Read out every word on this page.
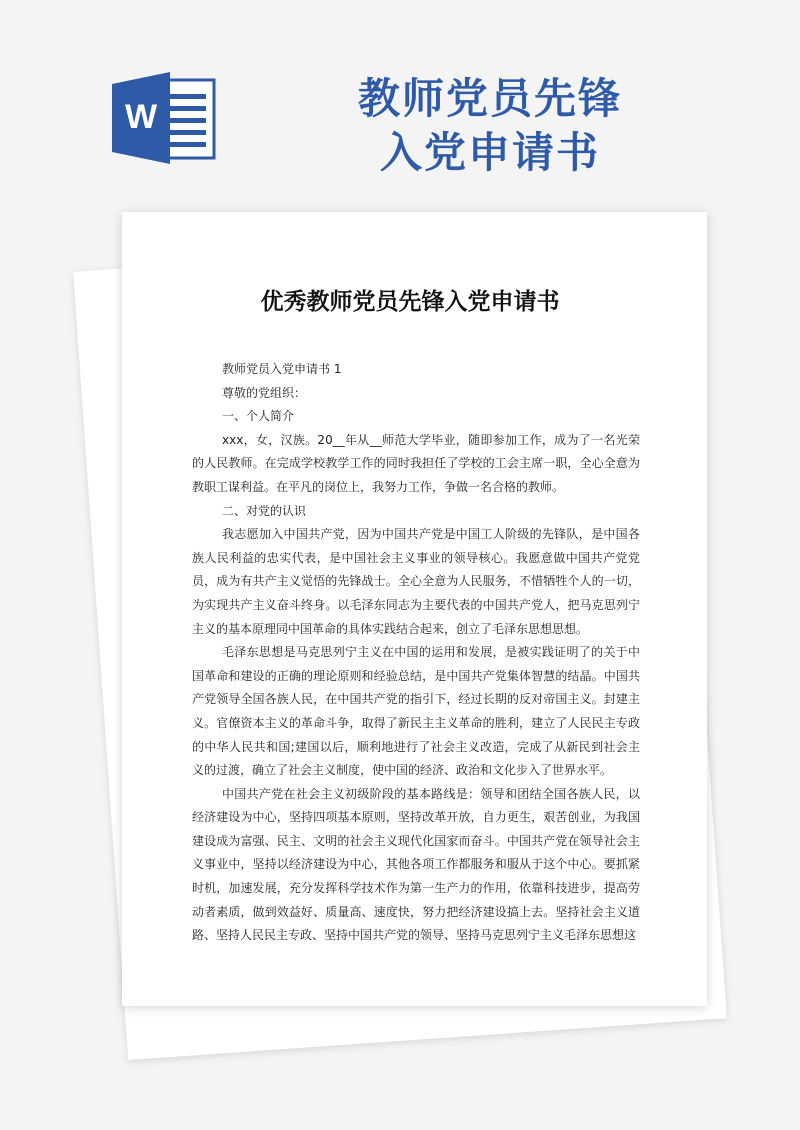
W	教师党员先锋
入党申请书
优秀教师党员先锋入党申请书

教师党员入党申请书 1

尊敬的党组织：

一、个人简介

xxx，女，汉族。20__年从__师范大学毕业，随即参加工作，成为了一名光荣的人民教师。在完成学校教学工作的同时我担任了学校的工会主席一职，全心全意为教职工谋利益。在平凡的岗位上，我努力工作，争做一名合格的教师。

二、对党的认识

我志愿加入中国共产党，因为中国共产党是中国工人阶级的先锋队，是中国各族人民利益的忠实代表，是中国社会主义事业的领导核心。我愿意做中国共产党党员，成为有共产主义觉悟的先锋战士。全心全意为人民服务，不惜牺牲个人的一切，为实现共产主义奋斗终身。以毛泽东同志为主要代表的中国共产党人，把马克思列宁主义的基本原理同中国革命的具体实践结合起来，创立了毛泽东思想思想。

毛泽东思想是马克思列宁主义在中国的运用和发展，是被实践证明了的关于中国革命和建设的正确的理论原则和经验总结，是中国共产党集体智慧的结晶。中国共产党领导全国各族人民，在中国共产党的指引下，经过长期的反对帝国主义。封建主义。官僚资本主义的革命斗争，取得了新民主主义革命的胜利，建立了人民民主专政的中华人民共和国;建国以后，顺利地进行了社会主义改造，完成了从新民到社会主义的过渡，确立了社会主义制度，使中国的经济、政治和文化步入了世界水平。

中国共产党在社会主义初级阶段的基本路线是：领导和团结全国各族人民，以经济建设为中心，坚持四项基本原则，坚持改革开放，自力更生，艰苦创业，为我国建设成为富强、民主、文明的社会主义现代化国家而奋斗。中国共产党在领导社会主义事业中，坚持以经济建设为中心，其他各项工作都服务和服从于这个中心。要抓紧时机，加速发展，充分发挥科学技术作为第一生产力的作用，依靠科技进步，提高劳动者素质，做到效益好、质量高、速度快，努力把经济建设搞上去。坚持社会主义道路、坚持人民民主专政、坚持中国共产党的领导、坚持马克思列宁主义毛泽东思想这
